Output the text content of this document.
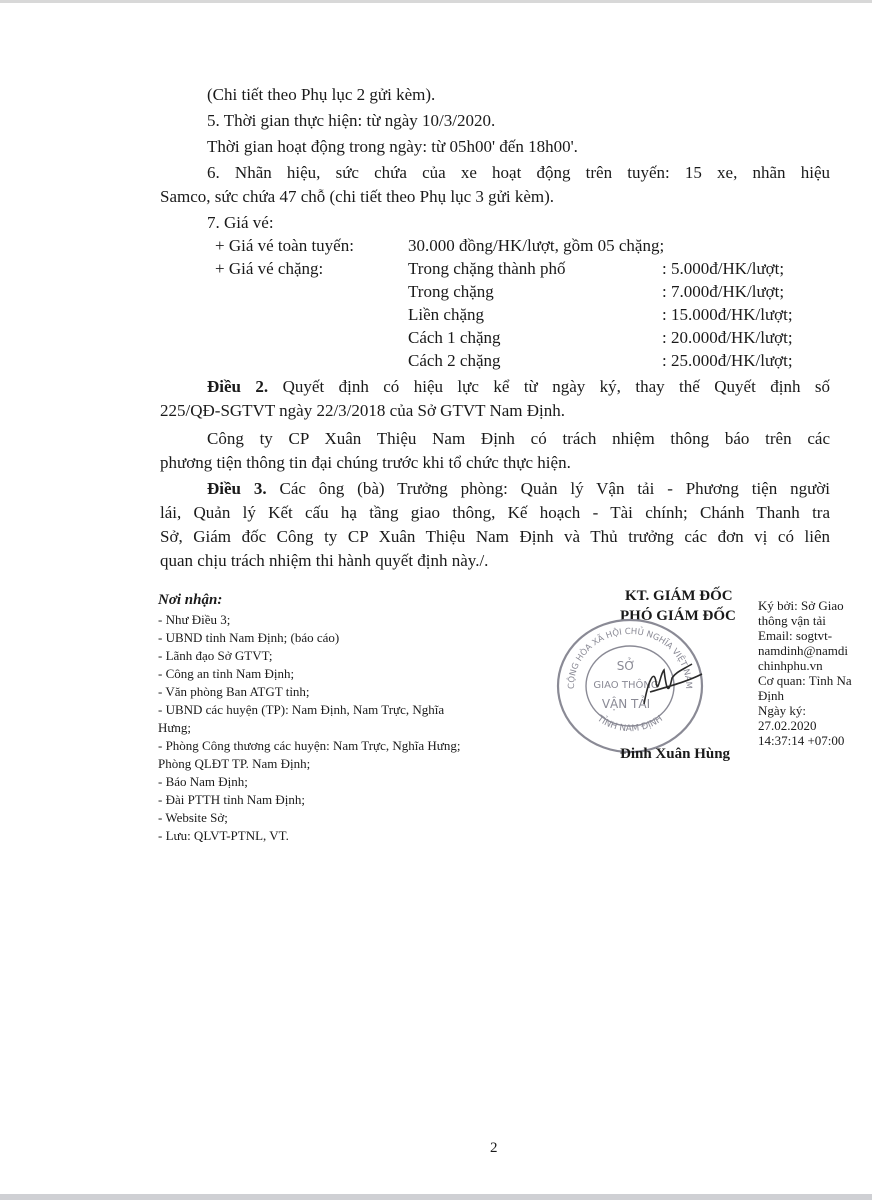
(Chi tiết theo Phụ lục 2 gửi kèm).
5. Thời gian thực hiện: từ ngày 10/3/2020.
Thời gian hoạt động trong ngày: từ 05h00' đến 18h00'.
6. Nhãn hiệu, sức chứa của xe hoạt động trên tuyến: 15 xe, nhãn hiệu
Samco, sức chứa 47 chỗ (chi tiết theo Phụ lục 3 gửi kèm).
7. Giá vé:
+ Giá vé toàn tuyến:	30.000 đồng/HK/lượt, gồm 05 chặng;
+ Giá vé chặng:	Trong chặng thành phố	: 5.000đ/HK/lượt;
Trong chặng	: 7.000đ/HK/lượt;
Liền chặng	: 15.000đ/HK/lượt;
Cách 1 chặng	: 20.000đ/HK/lượt;
Cách 2 chặng	: 25.000đ/HK/lượt;
Điều 2. Quyết định có hiệu lực kể từ ngày ký, thay thế Quyết định số
225/QĐ-SGTVT ngày 22/3/2018 của Sở GTVT Nam Định.
Công ty CP Xuân Thiệu Nam Định có trách nhiệm thông báo trên các
phương tiện thông tin đại chúng trước khi tổ chức thực hiện.
Điều 3. Các ông (bà) Trưởng phòng: Quản lý Vận tải - Phương tiện người
lái, Quản lý Kết cấu hạ tầng giao thông, Kế hoạch - Tài chính; Chánh Thanh tra
Sở, Giám đốc Công ty CP Xuân Thiệu Nam Định và Thủ trưởng các đơn vị có liên
quan chịu trách nhiệm thi hành quyết định này./.
Nơi nhận:
- Như Điều 3;
- UBND tỉnh Nam Định; (báo cáo)
- Lãnh đạo Sở GTVT;
- Công an tỉnh Nam Định;
- Văn phòng Ban ATGT tỉnh;
- UBND các huyện (TP): Nam Định, Nam Trực, Nghĩa
Hưng;
- Phòng Công thương các huyện: Nam Trực, Nghĩa Hưng;
Phòng QLĐT TP. Nam Định;
- Báo Nam Định;
- Đài PTTH tỉnh Nam Định;
- Website Sở;
- Lưu: QLVT-PTNL, VT.
KT. GIÁM ĐỐC
PHÓ GIÁM ĐỐC
CỘNG HÒA XÃ HỘI CHỦ NGHĨA VIỆT NAM
TỈNH NAM ĐỊNH
SỞ
GIAO THÔNG
VẬN TẢI
Đinh Xuân Hùng
Ký bởi: Sở Giao
thông vận tải
Email: sogtvt-
namdinh@namdi
chinhphu.vn
Cơ quan: Tỉnh Na
Định
Ngày ký:
27.02.2020
14:37:14 +07:00
2
